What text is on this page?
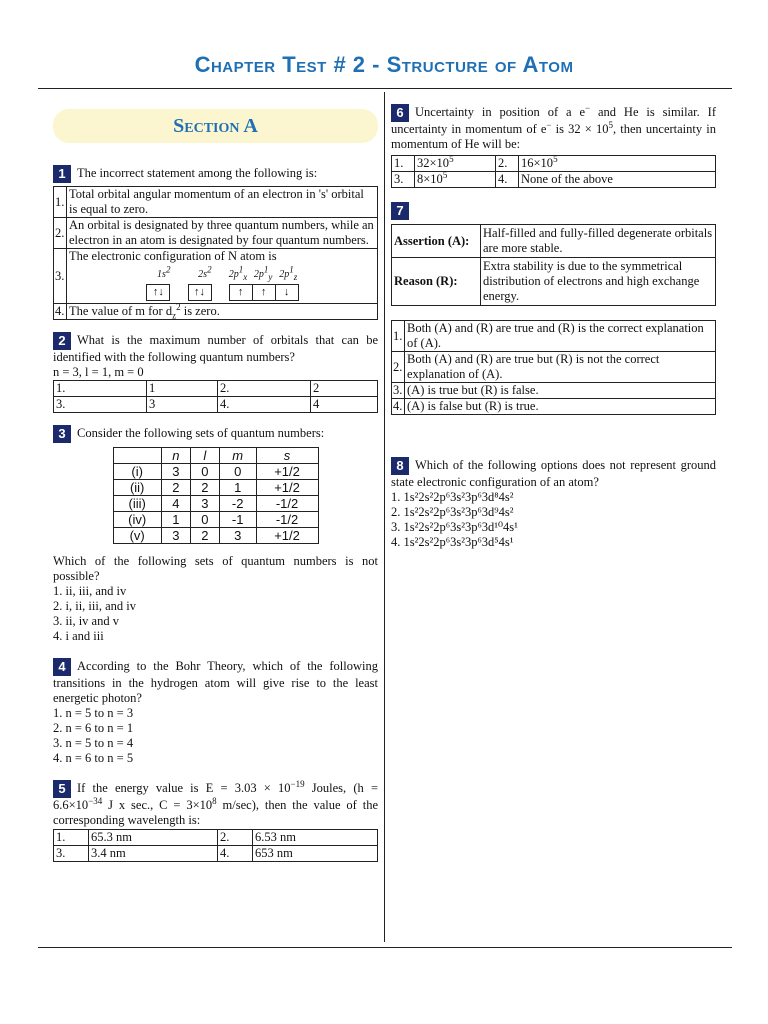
Chapter Test # 2 - Structure of Atom
Section A
1 The incorrect statement among the following is:
1.	Total orbital angular momentum of an electron in 's' orbital is equal to zero.
2.	An orbital is designated by three quantum numbers, while an electron in an atom is designated by four quantum numbers.
3.	The electronic configuration of N atom is
$1s^2$ $2s^2$ $2p^1_x$ $2p^1_y$ $2p^1_z$
↑↓ ↑↓ ↑ ↑ ↓

4.	The value of m for $d_z^2$ is zero.
2 What is the maximum number of orbitals that can be identified with the following quantum numbers?
n = 3, l = 1, m = 0
1.	1	2.	2
3.	3	4.	4
3 Consider the following sets of quantum numbers:
	n	l	m	s
(i)	3	0	0	+1/2
(ii)	2	2	1	+1/2
(iii)	4	3	-2	-1/2
(iv)	1	0	-1	-1/2
(v)	3	2	3	+1/2
Which of the following sets of quantum numbers is not possible?
1. ii, iii, and iv
2. i, ii, iii, and iv
3. ii, iv and v
4. i and iii
4 According to the Bohr Theory, which of the following transitions in the hydrogen atom will give rise to the least energetic photon?
1. n = 5 to n = 3
2. n = 6 to n = 1
3. n = 5 to n = 4
4. n = 6 to n = 5
5 If the energy value is $E = 3.03 \times 10^{-19}$ Joules, ($h = 6.6\times 10^{-34}$ J x sec., $C = 3\times 10^8$ m/sec), then the value of the corresponding wavelength is:
1.	65.3 nm	2.	6.53 nm
3.	3.4 nm	4.	653 nm
6 Uncertainty in position of a e− and He is similar. If uncertainty in momentum of e− is $32 \times 10^5$, then uncertainty in momentum of He will be:
1.	$32\times 10^5$	2.	$16\times 10^5$
3.	$8\times 10^5$	4.	None of the above
7
Assertion (A):	Half-filled and fully-filled degenerate orbitals are more stable.
Reason (R):	Extra stability is due to the symmetrical distribution of electrons and high exchange energy.
1.	Both (A) and (R) are true and (R) is the correct explanation of (A).
2.	Both (A) and (R) are true but (R) is not the correct explanation of (A).
3.	(A) is true but (R) is false.
4.	(A) is false but (R) is true.
8 Which of the following options does not represent ground state electronic configuration of an atom?
1. 1s²2s²2p⁶3s²3p⁶3d⁸4s²
2. 1s²2s²2p⁶3s²3p⁶3d⁹4s²
3. 1s²2s²2p⁶3s²3p⁶3d¹⁰4s¹
4. 1s²2s²2p⁶3s²3p⁶3d⁵4s¹
